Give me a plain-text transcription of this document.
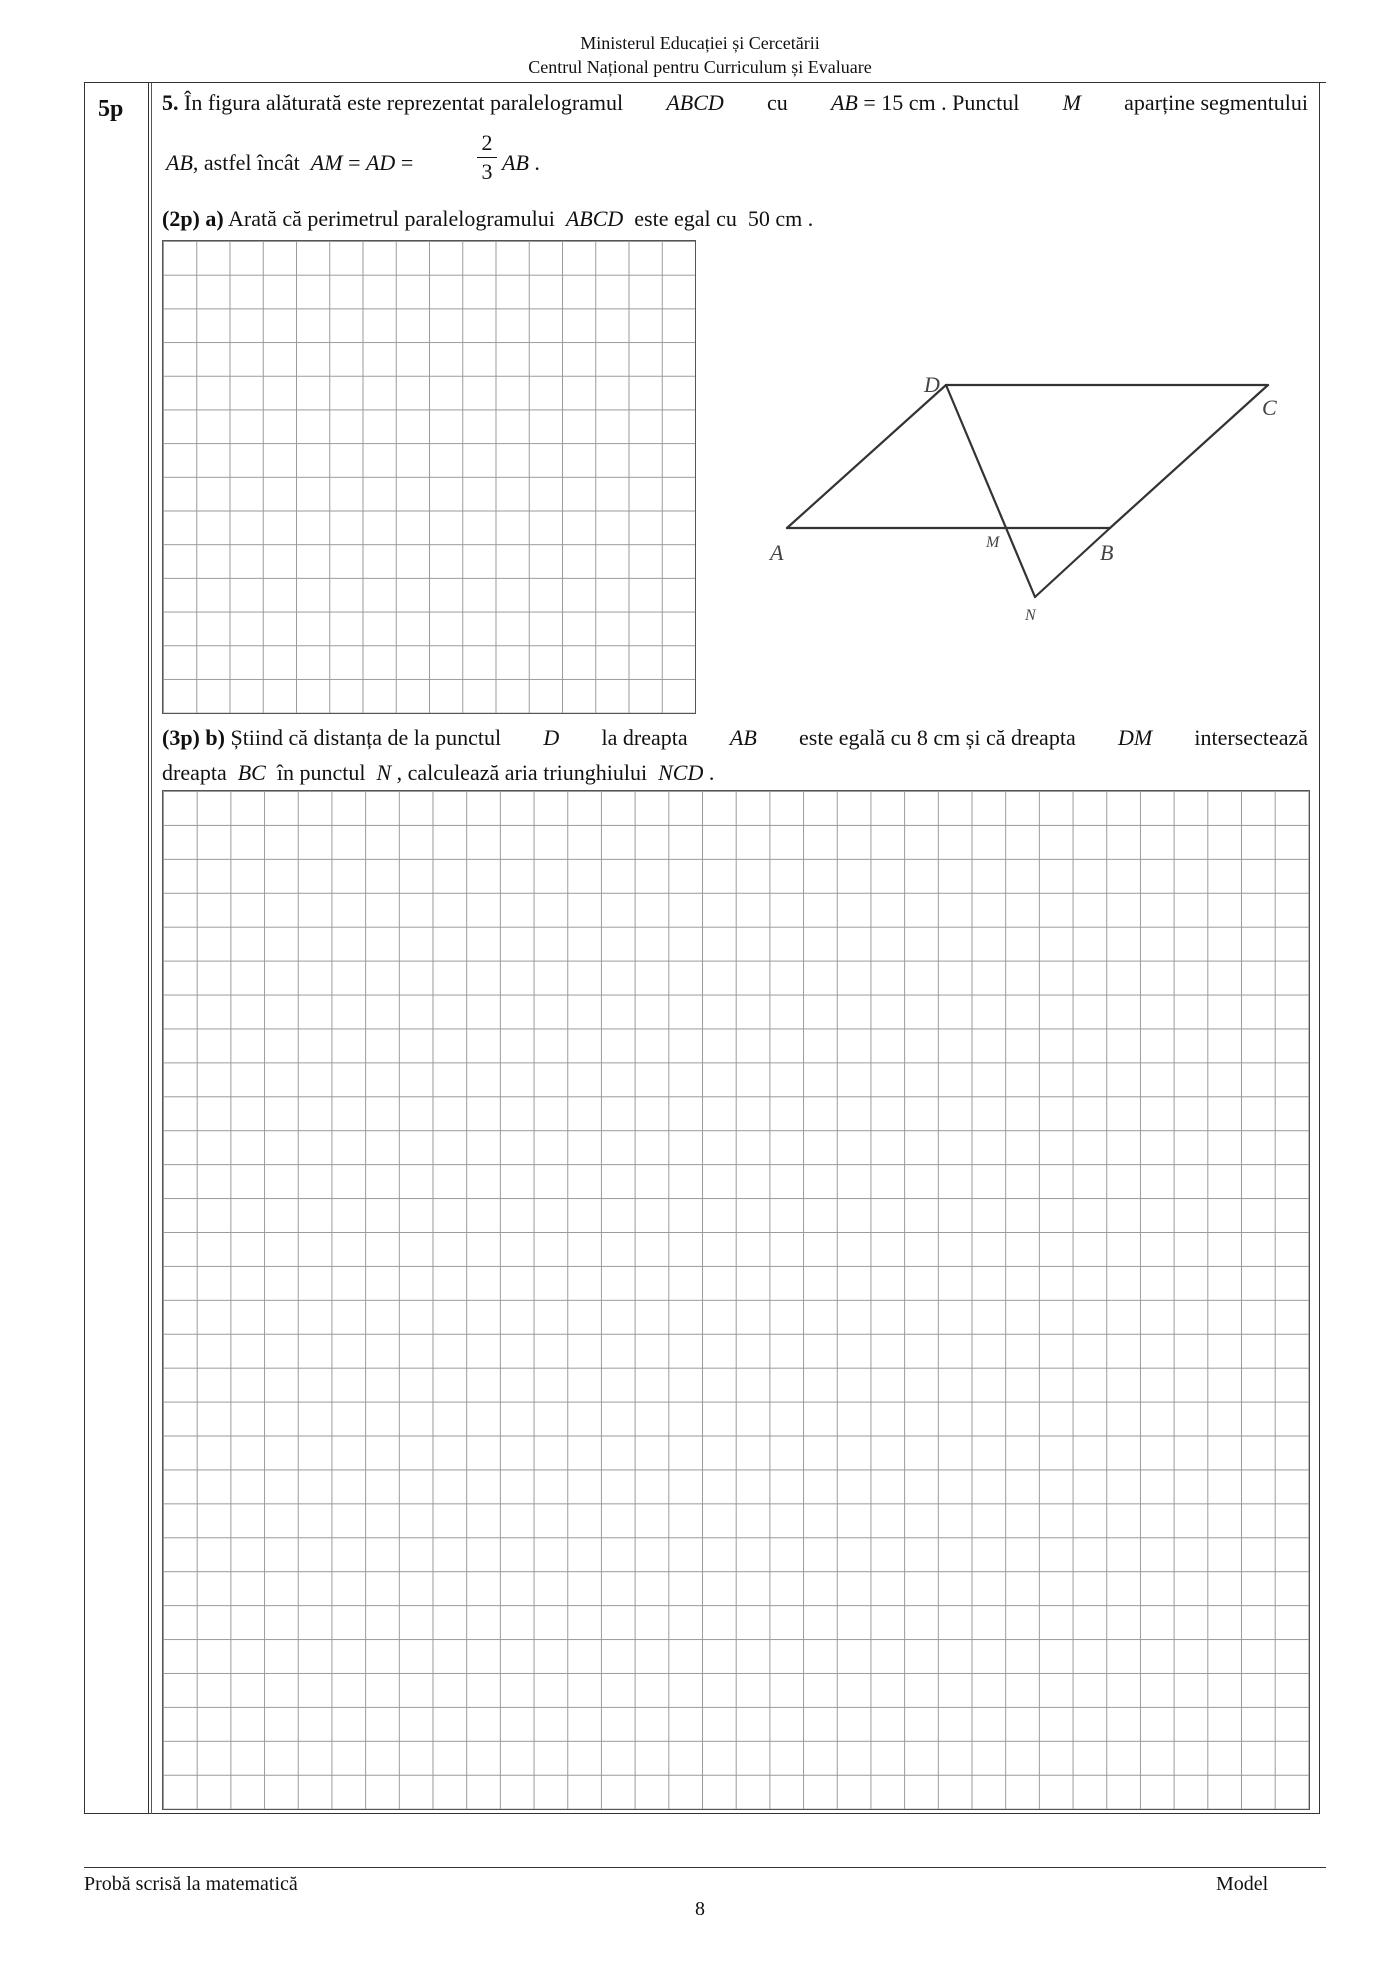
Ministerul Educației și Cercetării
Centrul Național pentru Curriculum și Evaluare
5p 5. În figura alăturată este reprezentat paralelogramul ABCD cu AB = 15 cm . Punctul M aparține segmentului
AB, astfel încât AM = AD =
2
3 AB .
(2p) a) Arată că perimetrul paralelogramului ABCD este egal cu 50 cm .
D
C
A	M	B
N
(3p) b) Știind că distanța de la punctul D la dreapta AB este egală cu 8 cm și că dreapta DM intersectează
dreapta BC în punctul N , calculează aria triunghiului NCD .
Probă scrisă la matematică	Model
8
